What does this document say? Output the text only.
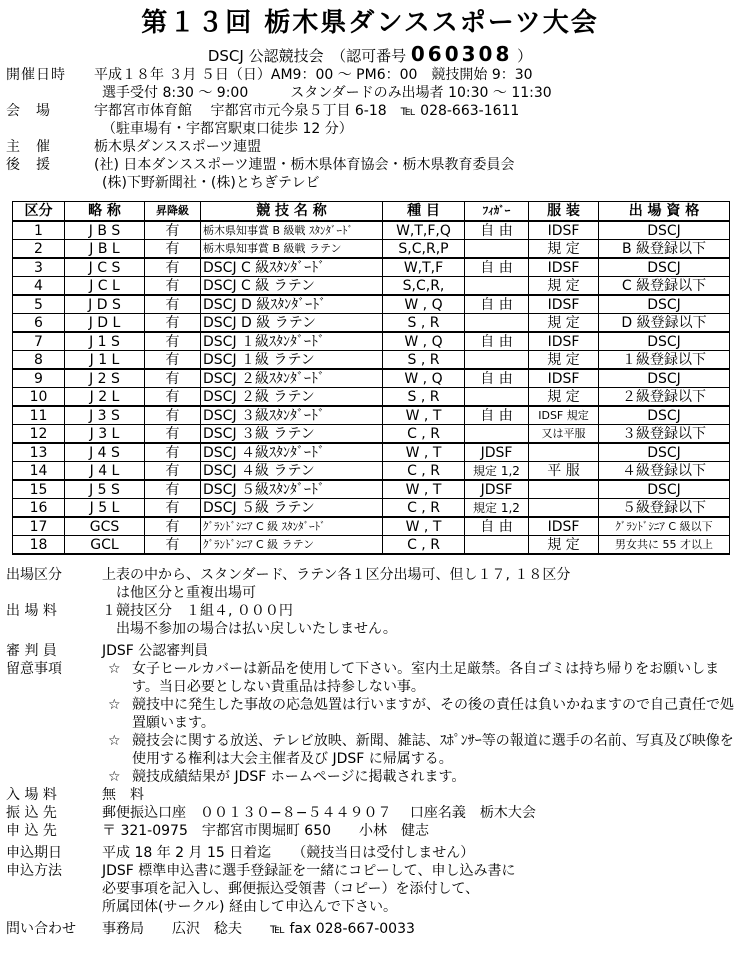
第１３回 栃木県ダンススポーツ大会
DSCJ 公認競技会　（認可番号 060308 ）
開催日時 平成１８年 ３月 ５日（日）AM9：00 〜 PM6：00　競技開始 9：30
選手受付 8:30 〜 9:00　　　スタンダードのみ出場者 10:30 〜 11:30
会　場	宇都宮市体育館　 宇都宮市元今泉５丁目 6-18　℡ 028-663-1611
（駐車場有・宇都宮駅東口徒歩 12 分）
主　催	栃木県ダンススポーツ連盟
後　援	(社) 日本ダンススポーツ連盟・栃木県体育協会・栃木県教育委員会
(株)下野新聞社・(株)とちぎテレビ
区分	略 称	昇降級	競 技 名 称	種 目	ﾌｨｶﾞｰ	服 装	出 場 資 格
1	J B S	有	栃木県知事賞 B 級戦 ｽﾀﾝﾀﾞｰﾄﾞ	W,T,F,Q	自 由	IDSF	DSCJ
2	J B L	有	栃木県知事賞 B 級戦 ラテン	S,C,R,P		規 定	B 級登録以下
3	J C S	有	DSCJ C 級ｽﾀﾝﾀﾞｰﾄﾞ	W,T,F	自 由	IDSF	DSCJ
4	J C L	有	DSCJ C 級 ラテン	S,C,R,		規 定	C 級登録以下
5	J D S	有	DSCJ D 級ｽﾀﾝﾀﾞｰﾄﾞ	W , Q	自 由	IDSF	DSCJ
6	J D L	有	DSCJ D 級 ラテン	S , R		規 定	D 級登録以下
7	J 1 S	有	DSCJ １級ｽﾀﾝﾀﾞｰﾄﾞ	W , Q	自 由	IDSF	DSCJ
8	J 1 L	有	DSCJ １級 ラテン	S , R		規 定	１級登録以下
9	J 2 S	有	DSCJ ２級ｽﾀﾝﾀﾞｰﾄﾞ	W , Q	自 由	IDSF	DSCJ
10	J 2 L	有	DSCJ ２級 ラテン	S , R		規 定	２級登録以下
11	J 3 S	有	DSCJ ３級ｽﾀﾝﾀﾞｰﾄﾞ	W , T	自 由	IDSF 規定	DSCJ
12	J 3 L	有	DSCJ ３級 ラテン	C , R		又は平服	３級登録以下
13	J 4 S	有	DSCJ ４級ｽﾀﾝﾀﾞｰﾄﾞ	W , T	JDSF		DSCJ
14	J 4 L	有	DSCJ ４級 ラテン	C , R	規定 1,2	平 服	４級登録以下
15	J 5 S	有	DSCJ ５級ｽﾀﾝﾀﾞｰﾄﾞ	W , T	JDSF		DSCJ
16	J 5 L	有	DSCJ ５級 ラテン	C , R	規定 1,2		５級登録以下
17	GCS	有	ｸﾞﾗﾝﾄﾞｼﾆｱ C 級 ｽﾀﾝﾀﾞｰﾄﾞ	W , T	自 由	IDSF	ｸﾞﾗﾝﾄﾞｼﾆｱ C 級以下
18	GCL	有	ｸﾞﾗﾝﾄﾞｼﾆｱ C 級 ラテン	C , R		規 定	男女共に 55 才以上
出場区分	上表の中から、スタンダード、ラテン各１区分出場可、但し１７, １８区分
は他区分と重複出場可
出 場 料	１競技区分　１組４, ０００円
出場不参加の場合は払い戻しいたしません。
審 判 員	JDSF 公認審判員
留意事項	☆ 女子ヒールカバーは新品を使用して下さい。室内土足厳禁。各自ゴミは持ち帰りをお願いします。当日必要としない貴重品は持参しない事。
☆ 競技中に発生した事故の応急処置は行いますが、その後の責任は負いかねますので自己責任で処置願います。
☆ 競技会に関する放送、テレビ放映、新聞、雑誌、ｽﾎﾟﾝｻｰ等の報道に選手の名前、写真及び映像を使用する権利は大会主催者及び JDSF に帰属する。
☆ 競技成績結果が JDSF ホームページに掲載されます。
入 場 料	無　料
振 込 先	郵便振込口座　００１３０−８−５４４９０７　 口座名義　栃木大会
申 込 先	〒 321-0975　宇都宮市関堀町 650　　小林　健志
申込期日	平成 18 年 2 月 15 日着迄　　（競技当日は受付しません）
申込方法	JDSF 標準申込書に選手登録証を一緒にコピーして、申し込み書に
必要事項を記入し、郵便振込受領書（コピー）を添付して、
所属団体(サークル) 経由して申込んで下さい。
問い合わせ 事務局　　広沢　稔夫　　℡ fax 028-667-0033
